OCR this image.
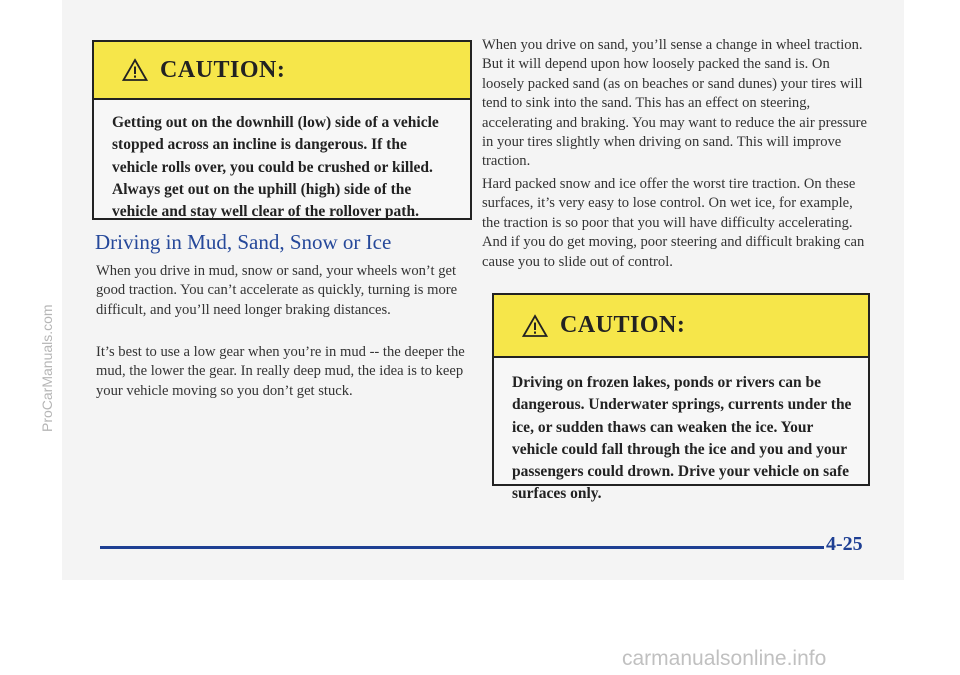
CAUTION:
Getting out on the downhill (low) side of a vehicle stopped across an incline is dangerous. If the vehicle rolls over, you could be crushed or killed. Always get out on the uphill (high) side of the vehicle and stay well clear of the rollover path.
Driving in Mud, Sand, Snow or Ice

When you drive in mud, snow or sand, your wheels won’t get good traction. You can’t accelerate as quickly, turning is more difficult, and you’ll need longer braking distances.

It’s best to use a low gear when you’re in mud -- the deeper the mud, the lower the gear. In really deep mud, the idea is to keep your vehicle moving so you don’t get stuck.

When you drive on sand, you’ll sense a change in wheel traction. But it will depend upon how loosely packed the sand is. On loosely packed sand (as on beaches or sand dunes) your tires will tend to sink into the sand. This has an effect on steering, accelerating and braking. You may want to reduce the air pressure in your tires slightly when driving on sand. This will improve traction.

Hard packed snow and ice offer the worst tire traction. On these surfaces, it’s very easy to lose control. On wet ice, for example, the traction is so poor that you will have difficulty accelerating. And if you do get moving, poor steering and difficult braking can cause you to slide out of control.

CAUTION:
Driving on frozen lakes, ponds or rivers can be dangerous. Underwater springs, currents under the ice, or sudden thaws can weaken the ice. Your vehicle could fall through the ice and you and your passengers could drown. Drive your vehicle on safe surfaces only.
4-25
ProCarManuals.com
carmanualsonline.info
